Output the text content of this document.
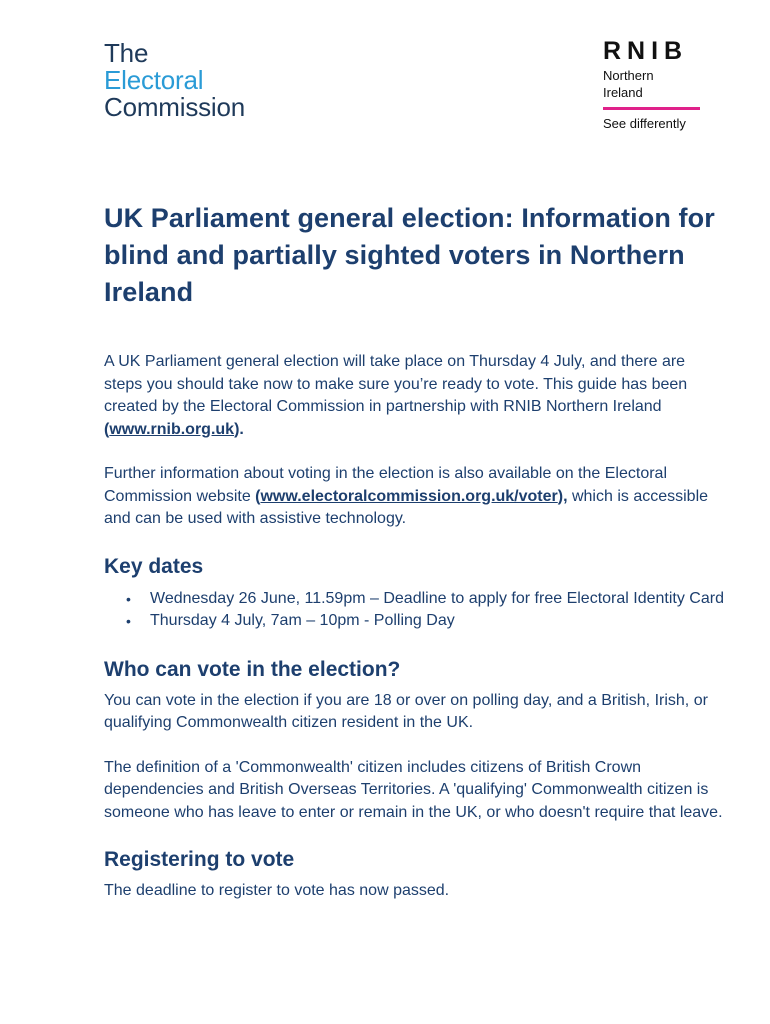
The
Electoral
Commission
RNIB
Northern
Ireland
See differently
UK Parliament general election: Information for blind and partially sighted voters in Northern Ireland

A UK Parliament general election will take place on Thursday 4 July, and there are steps you should take now to make sure you’re ready to vote. This guide has been created by the Electoral Commission in partnership with RNIB Northern Ireland (www.rnib.org.uk).

Further information about voting in the election is also available on the Electoral Commission website (www.electoralcommission.org.uk/voter), which is accessible and can be used with assistive technology.

Key dates
• Wednesday 26 June, 11.59pm – Deadline to apply for free Electoral Identity Card
• Thursday 4 July, 7am – 10pm - Polling Day
Who can vote in the election?

You can vote in the election if you are 18 or over on polling day, and a British, Irish, or qualifying Commonwealth citizen resident in the UK.

The definition of a 'Commonwealth' citizen includes citizens of British Crown dependencies and British Overseas Territories. A 'qualifying' Commonwealth citizen is someone who has leave to enter or remain in the UK, or who doesn't require that leave.

Registering to vote

The deadline to register to vote has now passed.
